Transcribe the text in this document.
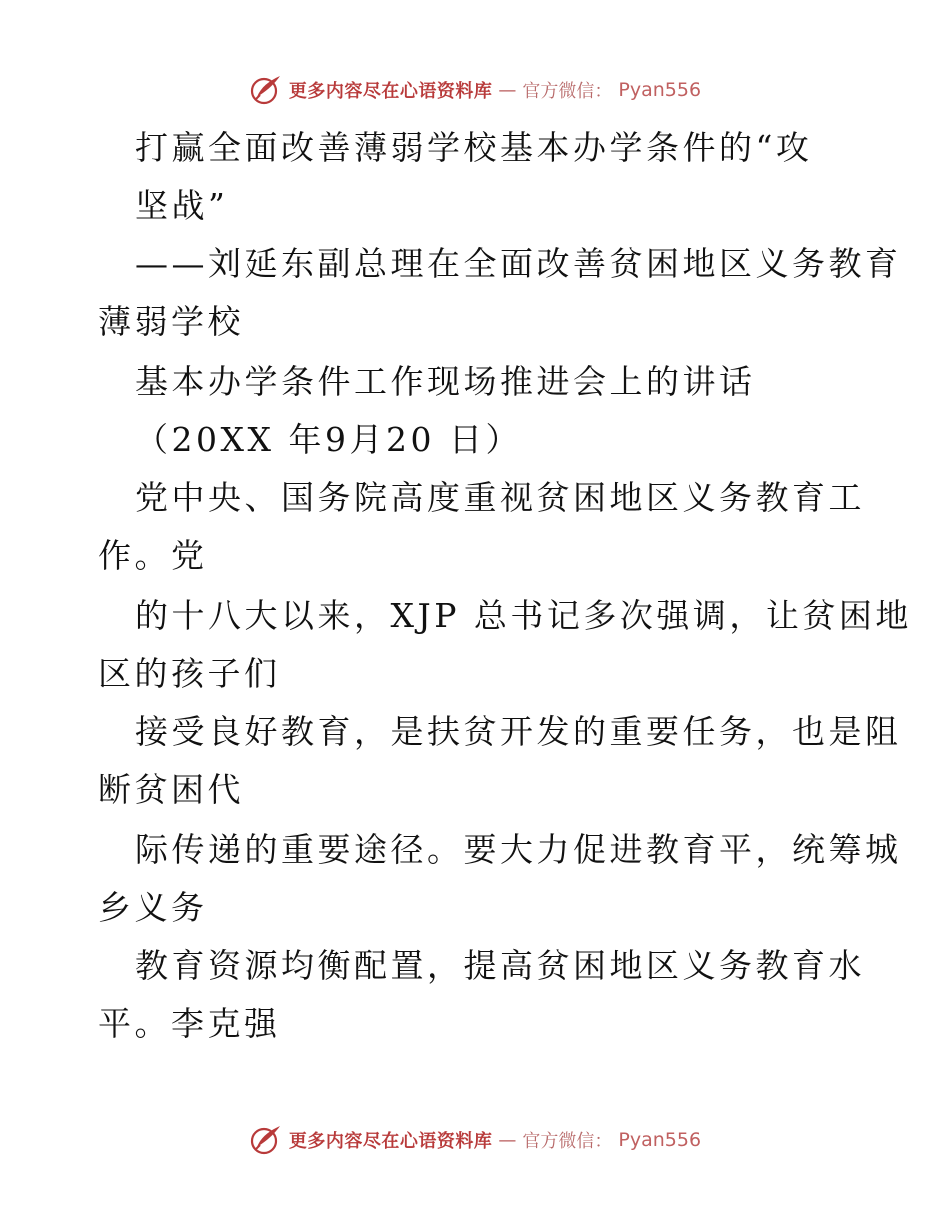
更多内容尽在心语资料库 — 官方微信： Pyan556
打赢全面改善薄弱学校基本办学条件的“攻
坚战”
——刘延东副总理在全面改善贫困地区义务教育
薄弱学校
基本办学条件工作现场推进会上的讲话
（20XX 年9月20 日）
党中央、国务院高度重视贫困地区义务教育工
作。党
的十八大以来，XJP 总书记多次强调，让贫困地
区的孩子们
接受良好教育，是扶贫开发的重要任务，也是阻
断贫困代
际传递的重要途径。要大力促进教育平，统筹城
乡义务
教育资源均衡配置，提高贫困地区义务教育水
平。李克强
更多内容尽在心语资料库 — 官方微信： Pyan556
